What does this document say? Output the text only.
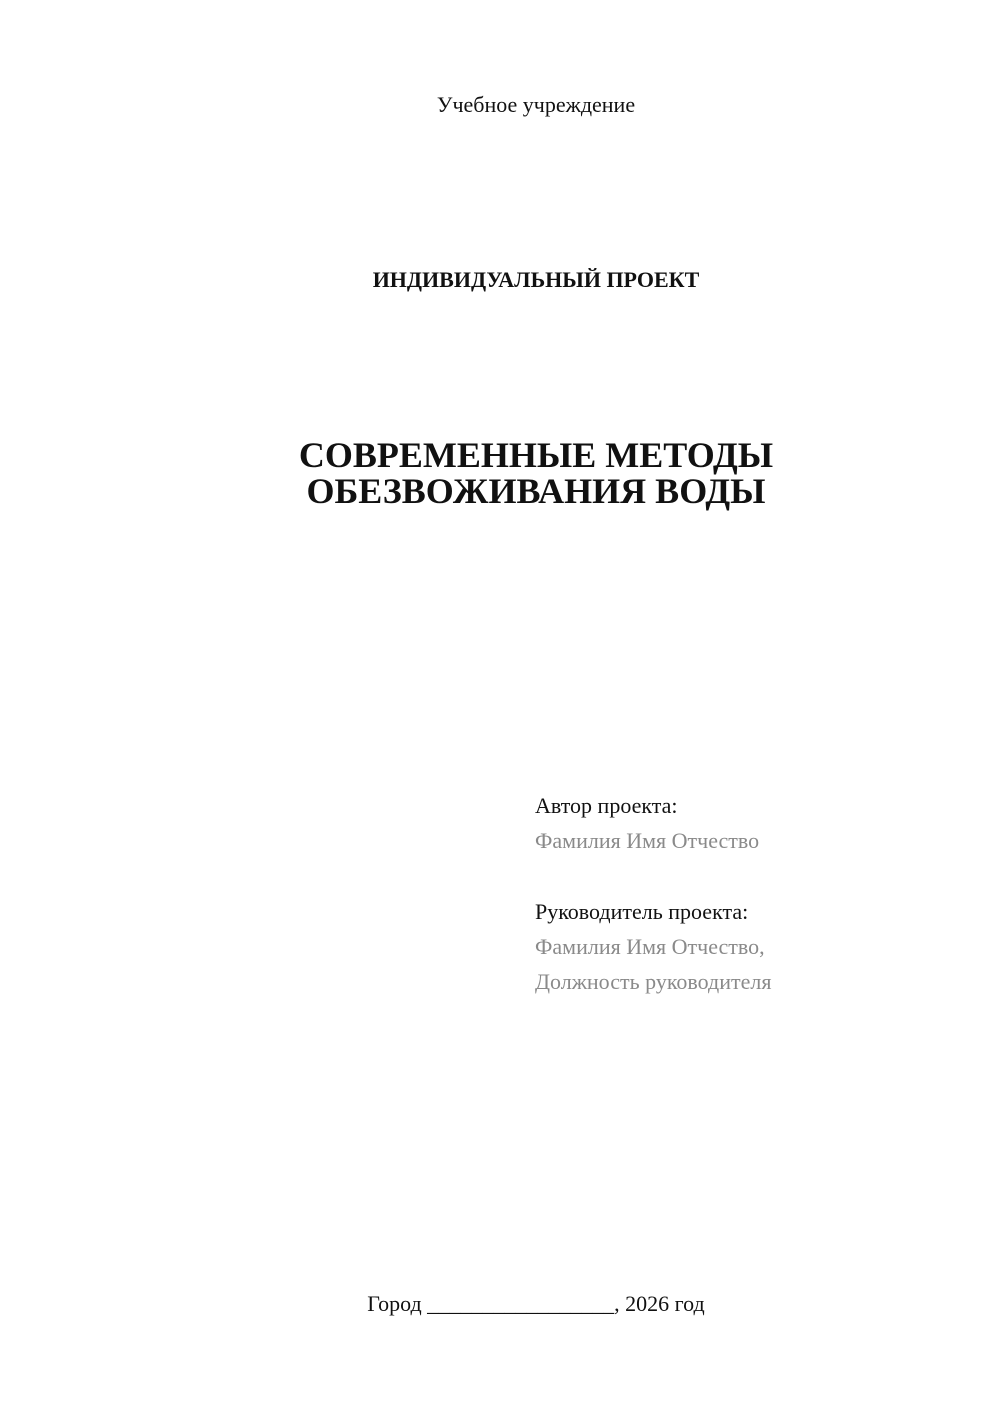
Учебное учреждение
ИНДИВИДУАЛЬНЫЙ ПРОЕКТ
СОВРЕМЕННЫЕ МЕТОДЫ
ОБЕЗВОЖИВАНИЯ ВОДЫ
Автор проекта:
Фамилия Имя Отчество
Руководитель проекта:
Фамилия Имя Отчество,
Должность руководителя
Город _________________, 2026 год
